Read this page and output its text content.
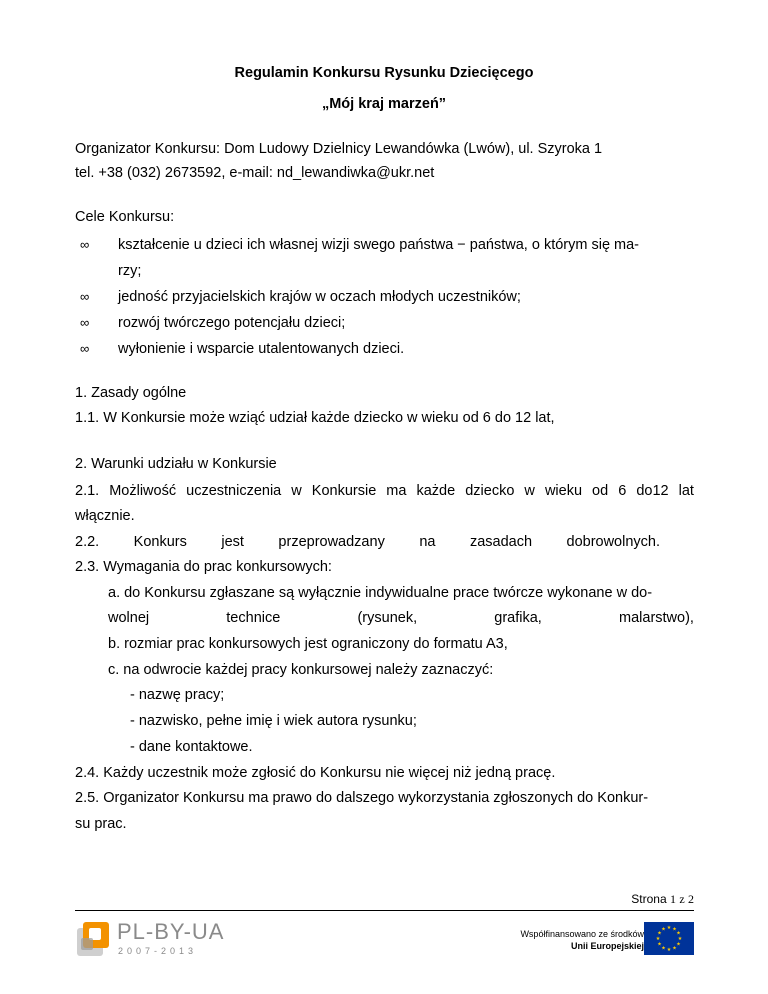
Regulamin Konkursu Rysunku Dziecięcego
„Mój kraj marzeń”
Organizator Konkursu: Dom Ludowy Dzielnicy Lewandówka (Lwów), ul. Szyroka 1
tel. +38 (032) 2673592, e-mail: nd_lewandiwka@ukr.net
Cele Konkursu:
∞ kształcenie u dzieci ich własnej wizji swego państwa − państwa, o którym się ma-
rzy;
∞ jedność przyjacielskich krajów w oczach młodych uczestników;
∞ rozwój twórczego potencjału dzieci;
∞ wyłonienie i wsparcie utalentowanych dzieci.
1. Zasady ogólne
1.1. W Konkursie może wziąć udział każde dziecko w wieku od 6 do 12 lat,
2. Warunki udziału w Konkursie
2.1. Możliwość uczestniczenia w Konkursie ma każde dziecko w wieku od 6 do12 lat
włącznie.
2.2. Konkurs jest przeprowadzany na zasadach dobrowolnych.
2.3. Wymagania do prac konkursowych:
a. do Konkursu zgłaszane są wyłącznie indywidualne prace twórcze wykonane w do-
wolnej	technice	(rysunek,	grafika,	malarstwo),
b. rozmiar prac konkursowych jest ograniczony do formatu A3,
c. na odwrocie każdej pracy konkursowej należy zaznaczyć:
- nazwę pracy;
- nazwisko, pełne imię i wiek autora rysunku;
- dane kontaktowe.
2.4. Każdy uczestnik może zgłosić do Konkursu nie więcej niż jedną pracę.
2.5. Organizator Konkursu ma prawo do dalszego wykorzystania zgłoszonych do Konkur-
su prac.
Strona 1 z 2
PL-BY-UA
2007-2013
Współfinansowano ze środków
Unii Europejskiej
★ ★
★
★
★
★
★
★
★
★
★
★
